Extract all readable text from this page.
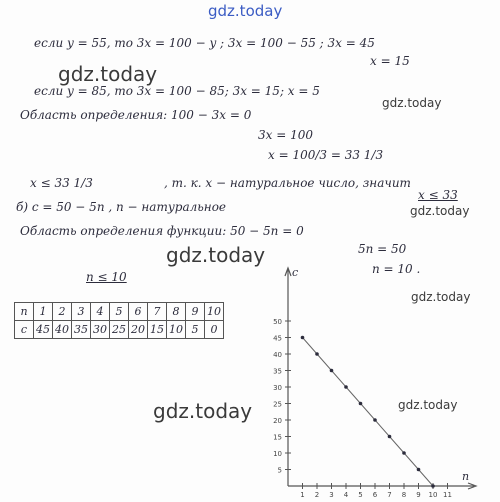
gdz.today
gdz.today
gdz.today
gdz.today
gdz.today
gdz.today
gdz.today	gdz.today
если y = 55, то 3x = 100 − y ; 3x = 100 − 55 ; 3x = 45
x = 15
если y = 85, то 3x = 100 − 85; 3x = 15; x = 5
Область определения: 100 − 3x = 0
3x = 100
x = 100/3 = 33 1/3
x ≤ 33 1/3	, т. к. x − натуральное число, значит
x ≤ 33
б) c = 50 − 5n , n − натуральное
Область определения функции: 50 − 5n = 0
5n = 50
n = 10 .
n ≤ 10
n	1	2	3	4	5	6	7	8	9	10
c	45	40	35	30	25	20	15	10	5	0
c
n
5
10
15
20
25
30
35
40
45
50
1 2 3 4 5 6 7 8 9 10 11
